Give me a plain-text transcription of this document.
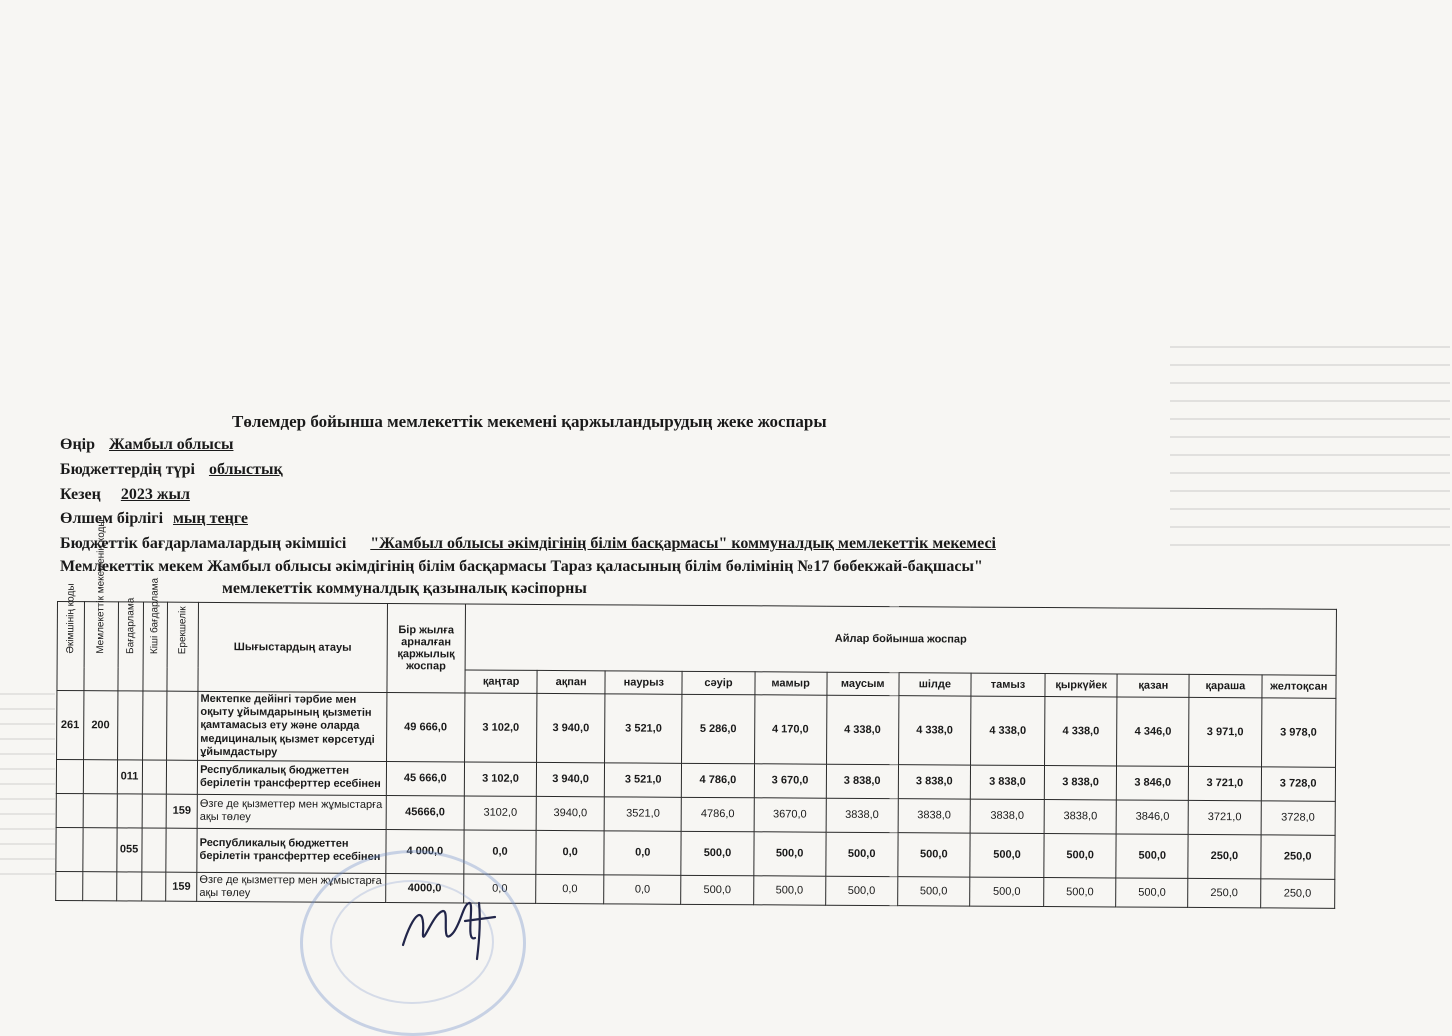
Төлемдер бойынша мемлекеттік мекемені қаржыландырудың жеке жоспары
Өңір Жамбыл облысы
Бюджеттердің түрі облыстық
Кезең 2023 жыл
Өлшем бірлігі мың теңге
Бюджеттік бағдарламалардың әкімшісі "Жамбыл облысы әкімдігінің білім басқармасы" коммуналдық мемлекеттік мекемесі
Мемлекеттік мекем Жамбыл облысы әкімдігінің білім басқармасы Тараз қаласының білім бөлімінің №17 бөбекжай-бақшасы"
мемлекеттік коммуналдық қазыналық кәсіпорны
Әкімшінің коды	Мемлекеттік мекеменің коды	Бағдарлама	Кіші бағдарлама	Ерекшелік	Шығыстардың атауы	Бір жылға арналған қаржылық жоспар	Айлар бойынша жоспар											
							қаңтар	ақпан	наурыз	сәуір	мамыр	маусым	шілде	тамыз	қыркүйек	қазан	қараша	желтоқсан
261	200				Мектепке дейінгі тәрбие мен оқыту ұйымдарының қызметін қамтамасыз ету және оларда медициналық қызмет көрсетуді ұйымдастыру	49 666,0	3 102,0	3 940,0	3 521,0	5 286,0	4 170,0	4 338,0	4 338,0	4 338,0	4 338,0	4 346,0	3 971,0	3 978,0
		011			Республикалық бюджеттен берілетін трансферттер есебінен	45 666,0	3 102,0	3 940,0	3 521,0	4 786,0	3 670,0	3 838,0	3 838,0	3 838,0	3 838,0	3 846,0	3 721,0	3 728,0
				159	Өзге де қызметтер мен жұмыстарға ақы төлеу	45666,0	3102,0	3940,0	3521,0	4786,0	3670,0	3838,0	3838,0	3838,0	3838,0	3846,0	3721,0	3728,0
		055			Республикалық бюджеттен берілетін трансферттер есебінен	4 000,0	0,0	0,0	0,0	500,0	500,0	500,0	500,0	500,0	500,0	500,0	250,0	250,0
				159	Өзге де қызметтер мен жұмыстарға ақы төлеу	4000,0	0,0	0,0	0,0	500,0	500,0	500,0	500,0	500,0	500,0	500,0	250,0	250,0
